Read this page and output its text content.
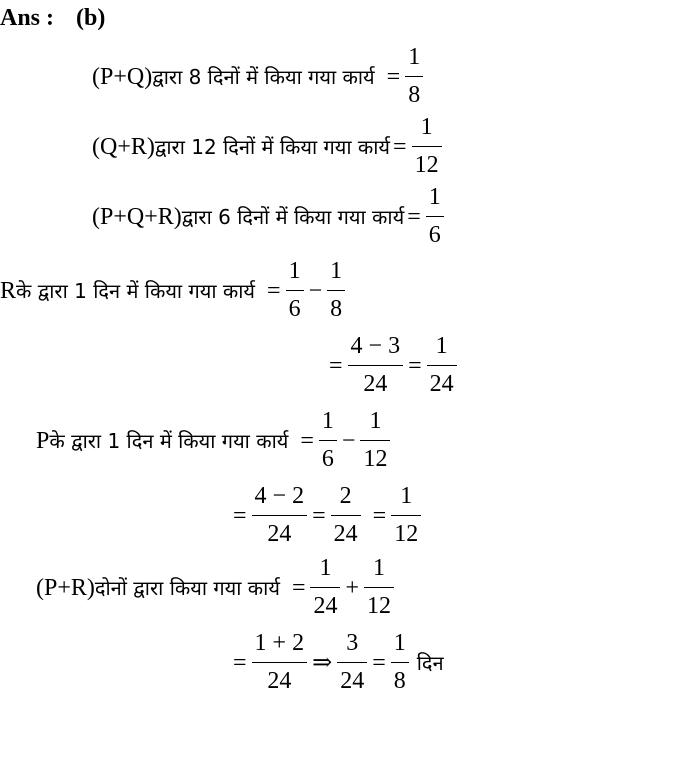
Ans : (b)
(P+Q) द्वारा 8 दिनों में किया गया कार्य = $\frac{1}{8}$
(Q+R) द्वारा 12 दिनों में किया गया कार्य = $\frac{1}{12}$
(P+Q+R) द्वारा 6 दिनों में किया गया कार्य = $\frac{1}{6}$
R के द्वारा 1 दिन में किया गया कार्य = $\frac{1}{6} - \frac{1}{8}$
= $\frac{4 - 3}{24} = \frac{1}{24}$
P के द्वारा 1 दिन में किया गया कार्य = $\frac{1}{6} - \frac{1}{12}$
= $\frac{4 - 2}{24} = \frac{2}{24} = \frac{1}{12}$
(P+R) दोनों द्वारा किया गया कार्य = $\frac{1}{24} + \frac{1}{12}$
= $\frac{1 + 2}{24}$ ⇒ $\frac{3}{24} = \frac{1}{8}$ दिन
